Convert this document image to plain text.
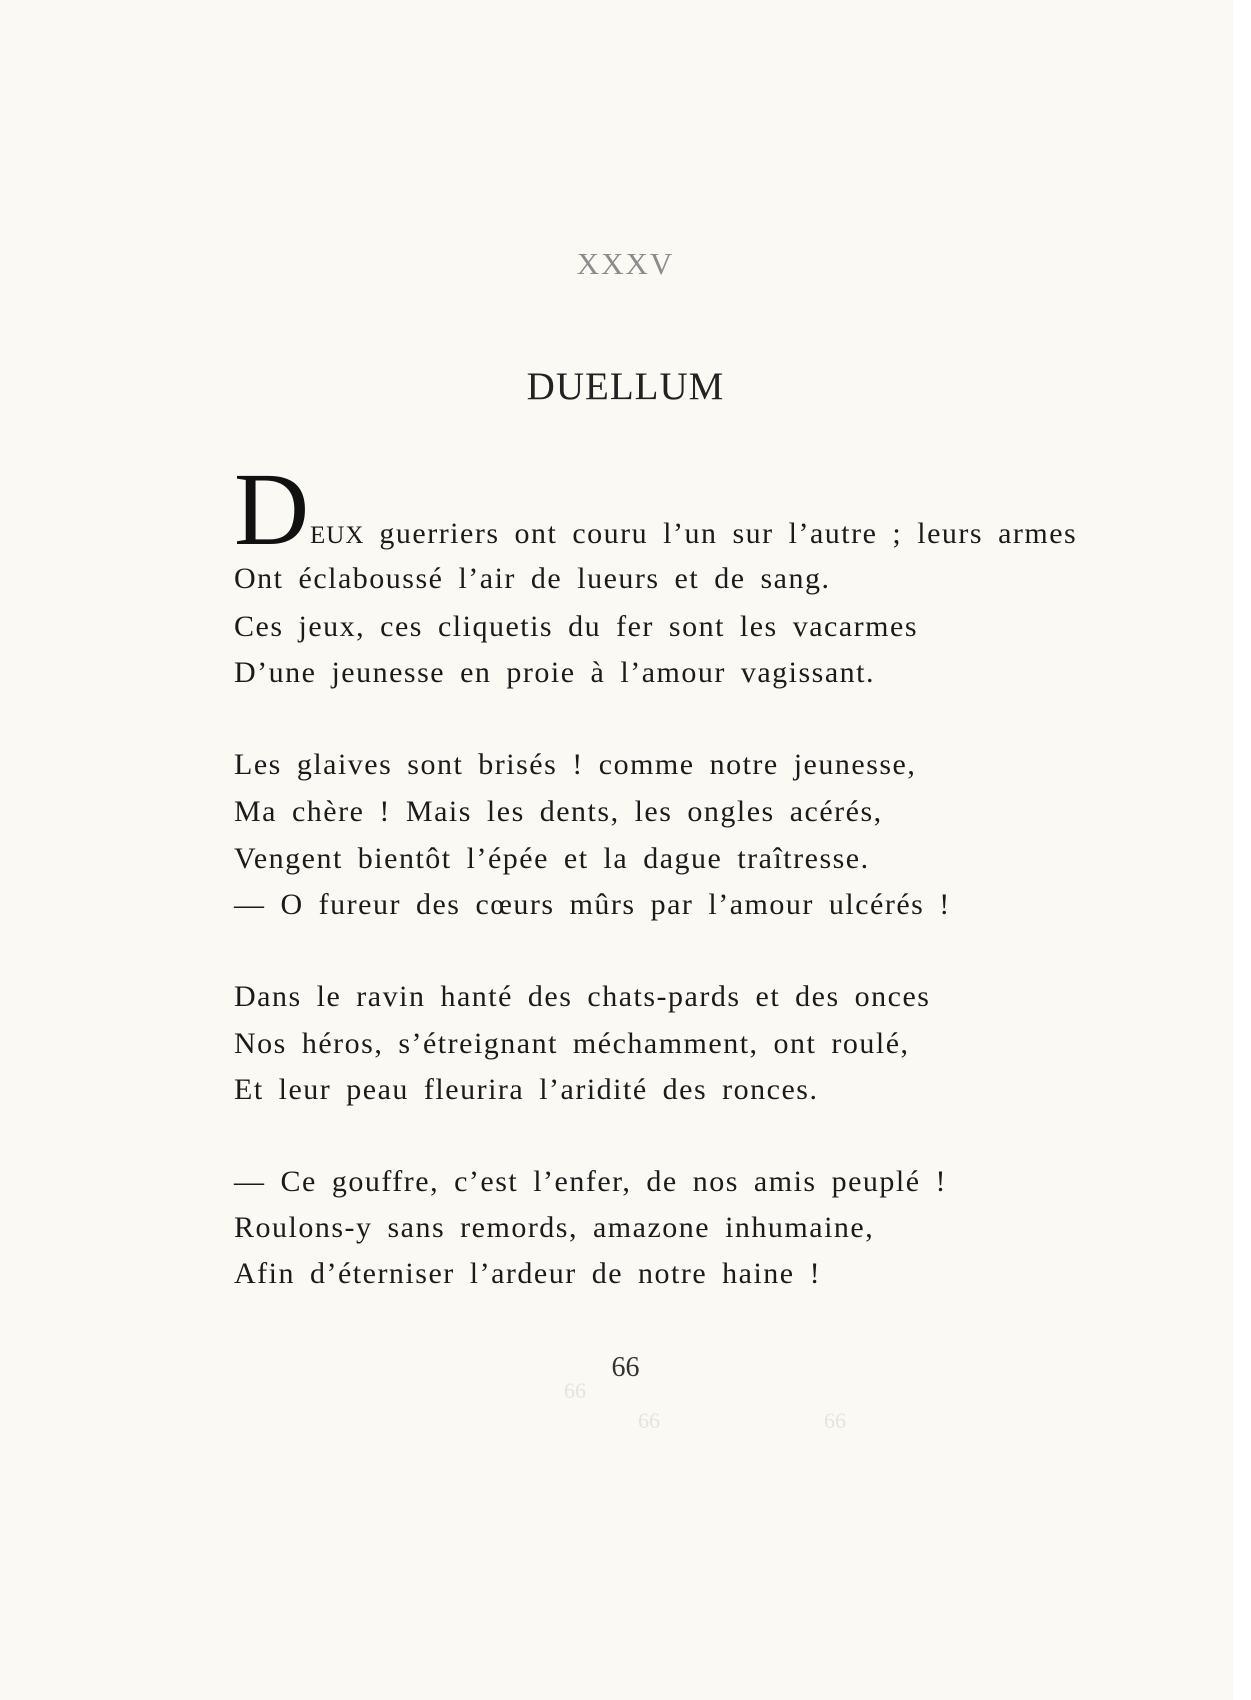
66
66	66
XXXV
DUELLUM
D EUX guerriers ont couru l’un sur l’autre ; leurs armes
Ont éclaboussé l’air de lueurs et de sang.
Ces jeux, ces cliquetis du fer sont les vacarmes
D’une jeunesse en proie à l’amour vagissant.
Les glaives sont brisés ! comme notre jeunesse,
Ma chère ! Mais les dents, les ongles acérés,
Vengent bientôt l’épée et la dague traîtresse.
— O fureur des cœurs mûrs par l’amour ulcérés !
Dans le ravin hanté des chats-pards et des onces
Nos héros, s’étreignant méchamment, ont roulé,
Et leur peau fleurira l’aridité des ronces.
— Ce gouffre, c’est l’enfer, de nos amis peuplé !
Roulons-y sans remords, amazone inhumaine,
Afin d’éterniser l’ardeur de notre haine !
66
